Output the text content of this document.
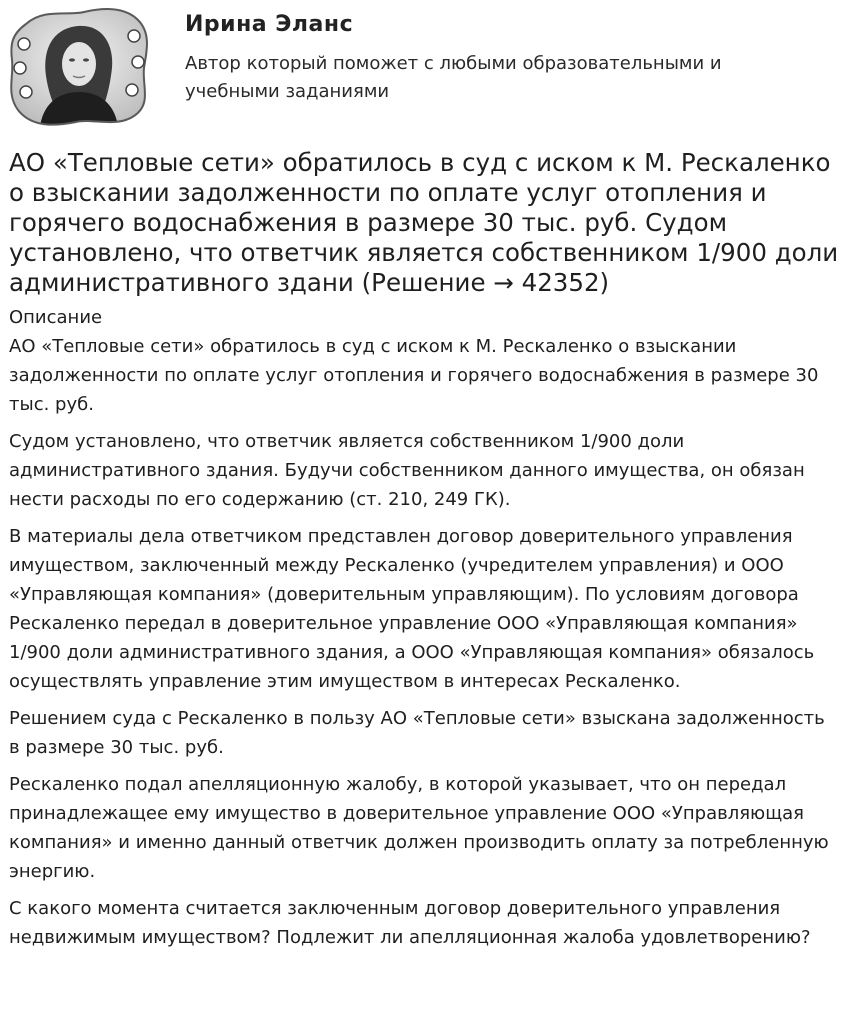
Ирина Эланс

Автор который поможет с любыми образовательными и учебными заданиями

АО «Тепловые сети» обратилось в суд с иском к М. Рескаленко о взыскании задолженности по оплате услуг отопления и горячего водоснабжения в размере 30 тыс. руб. Судом установлено, что ответчик является собственником 1/900 доли административного здани (Решение → 42352)

Описание

АО «Тепловые сети» обратилось в суд с иском к М. Рескаленко о взыскании задолженности по оплате услуг отопления и горячего водоснабжения в размере 30 тыс. руб.

Судом установлено, что ответчик является собственником 1/900 доли административного здания. Будучи собственником данного имущества, он обязан нести расходы по его содержанию (ст. 210, 249 ГК).

В материалы дела ответчиком представлен договор доверительного управления имуществом, заключенный между Рескаленко (учредителем управления) и ООО «Управляющая компания» (доверительным управляющим). По условиям договора Рескаленко передал в доверительное управление ООО «Управляющая компания» 1/900 доли административного здания, а ООО «Управляющая компания» обязалось осуществлять управление этим имуществом в интересах Рескаленко.

Решением суда с Рескаленко в пользу АО «Тепловые сети» взыскана задолженность в размере 30 тыс. руб.

Рескаленко подал апелляционную жалобу, в которой указывает, что он передал принадлежащее ему имущество в доверительное управление ООО «Управляющая компания» и именно данный ответчик должен производить оплату за потребленную энергию.

С какого момента считается заключенным договор доверительного управления недвижимым имуществом? Подлежит ли апелляционная жалоба удовлетворению?
